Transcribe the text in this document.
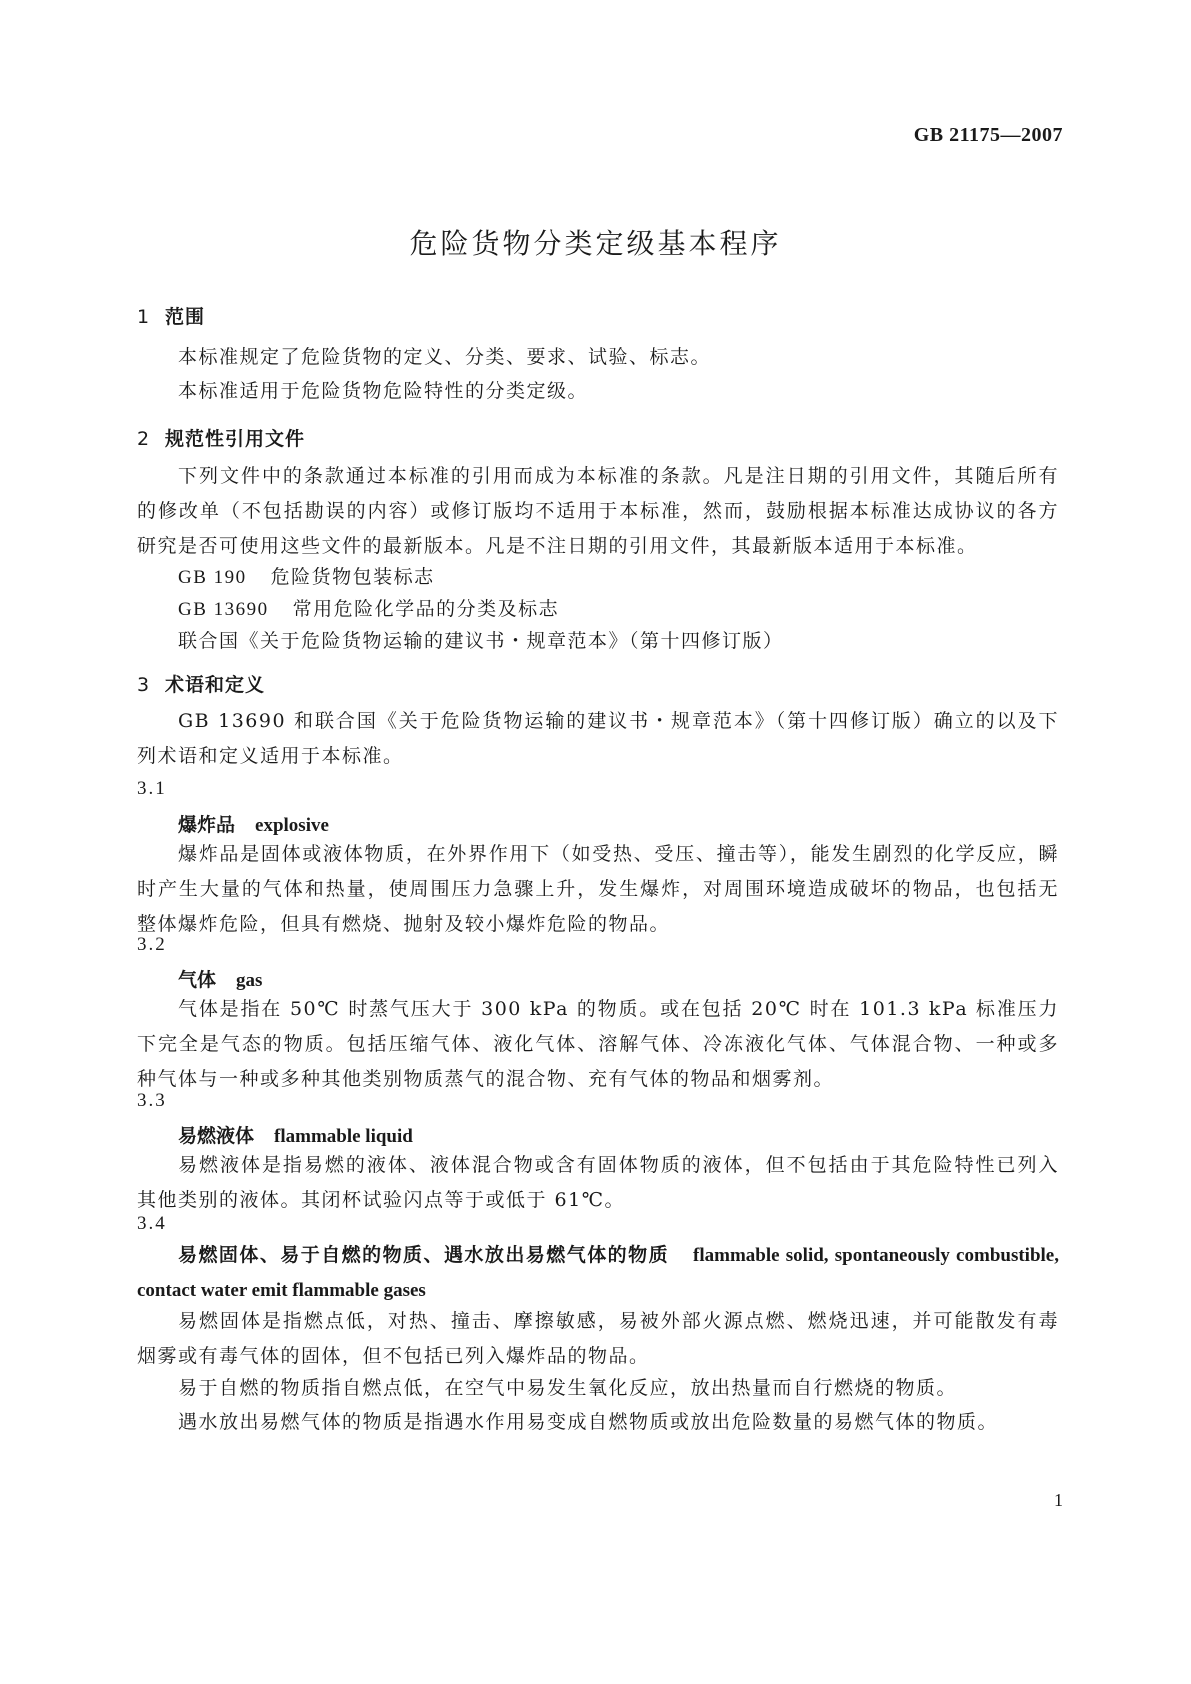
GB 21175—2007
危险货物分类定级基本程序
1 范围
本标准规定了危险货物的定义、分类、要求、试验、标志。
本标准适用于危险货物危险特性的分类定级。
2 规范性引用文件
下列文件中的条款通过本标准的引用而成为本标准的条款。凡是注日期的引用文件，其随后所有的修改单（不包括勘误的内容）或修订版均不适用于本标准，然而，鼓励根据本标准达成协议的各方研究是否可使用这些文件的最新版本。凡是不注日期的引用文件，其最新版本适用于本标准。
GB 190 危险货物包装标志
GB 13690 常用危险化学品的分类及标志
联合国《关于危险货物运输的建议书・规章范本》（第十四修订版）
3 术语和定义
GB 13690 和联合国《关于危险货物运输的建议书・规章范本》（第十四修订版）确立的以及下列术语和定义适用于本标准。
3.1
爆炸品 explosive
爆炸品是固体或液体物质，在外界作用下（如受热、受压、撞击等），能发生剧烈的化学反应，瞬时产生大量的气体和热量，使周围压力急骤上升，发生爆炸，对周围环境造成破坏的物品，也包括无整体爆炸危险，但具有燃烧、抛射及较小爆炸危险的物品。
3.2
气体 gas
气体是指在 50℃ 时蒸气压大于 300 kPa 的物质。或在包括 20℃ 时在 101.3 kPa 标准压力下完全是气态的物质。包括压缩气体、液化气体、溶解气体、冷冻液化气体、气体混合物、一种或多种气体与一种或多种其他类别物质蒸气的混合物、充有气体的物品和烟雾剂。
3.3
易燃液体 flammable liquid
易燃液体是指易燃的液体、液体混合物或含有固体物质的液体，但不包括由于其危险特性已列入其他类别的液体。其闭杯试验闪点等于或低于 61℃。
3.4
易燃固体、易于自燃的物质、遇水放出易燃气体的物质 flammable solid, spontaneously combustible, contact water emit flammable gases
易燃固体是指燃点低，对热、撞击、摩擦敏感，易被外部火源点燃、燃烧迅速，并可能散发有毒烟雾或有毒气体的固体，但不包括已列入爆炸品的物品。
易于自燃的物质指自燃点低，在空气中易发生氧化反应，放出热量而自行燃烧的物质。
遇水放出易燃气体的物质是指遇水作用易变成自燃物质或放出危险数量的易燃气体的物质。
1
